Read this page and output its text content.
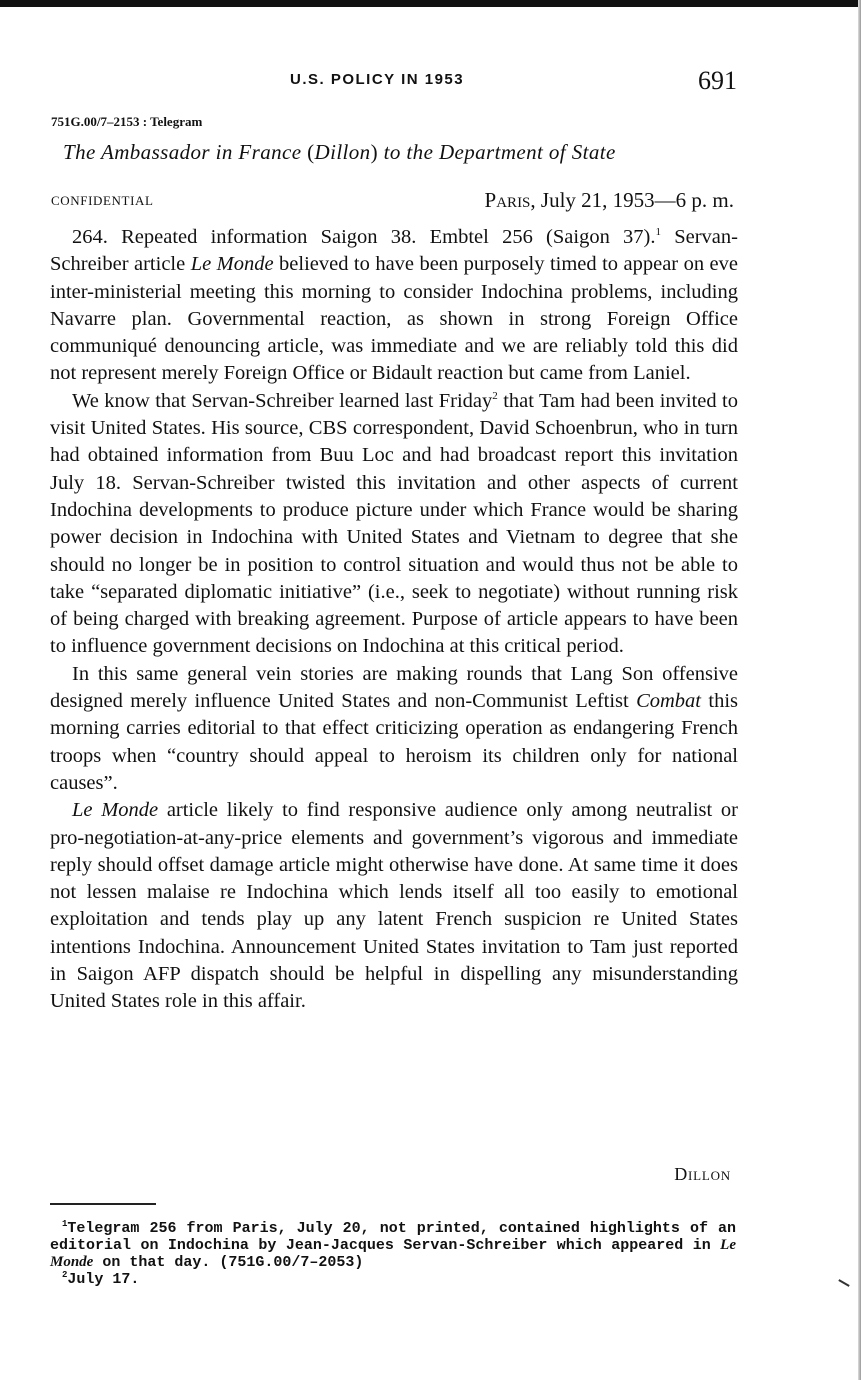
U.S. POLICY IN 1953	691
751G.00/7–2153 : Telegram
The Ambassador in France (Dillon) to the Department of State
CONFIDENTIAL	Paris, July 21, 1953—6 p. m.

264. Repeated information Saigon 38. Embtel 256 (Saigon 37).$^1$ Servan-Schreiber article Le Monde believed to have been purposely timed to appear on eve inter-ministerial meeting this morning to consider Indochina problems, including Navarre plan. Governmental reaction, as shown in strong Foreign Office communiqué denouncing article, was immediate and we are reliably told this did not represent merely Foreign Office or Bidault reaction but came from Laniel.

We know that Servan-Schreiber learned last Friday$^2$ that Tam had been invited to visit United States. His source, CBS correspondent, David Schoenbrun, who in turn had obtained information from Buu Loc and had broadcast report this invitation July 18. Servan-Schreiber twisted this invitation and other aspects of current Indochina developments to produce picture under which France would be sharing power decision in Indochina with United States and Vietnam to degree that she should no longer be in position to control situation and would thus not be able to take “separated diplomatic initiative” (i.e., seek to negotiate) without running risk of being charged with breaking agreement. Purpose of article appears to have been to influence government decisions on Indochina at this critical period.

In this same general vein stories are making rounds that Lang Son offensive designed merely influence United States and non-Communist Leftist Combat this morning carries editorial to that effect criticizing operation as endangering French troops when “country should appeal to heroism its children only for national causes”.

Le Monde article likely to find responsive audience only among neutralist or pro-negotiation-at-any-price elements and government’s vigorous and immediate reply should offset damage article might otherwise have done. At same time it does not lessen malaise re Indochina which lends itself all too easily to emotional exploitation and tends play up any latent French suspicion re United States intentions Indochina. Announcement United States invitation to Tam just reported in Saigon AFP dispatch should be helpful in dispelling any misunderstanding United States role in this affair.

Dillon

$^1$Telegram 256 from Paris, July 20, not printed, contained highlights of an editorial on Indochina by Jean-Jacques Servan-Schreiber which appeared in Le Monde on that day. (751G.00/7–2053)

$^2$July 17.
